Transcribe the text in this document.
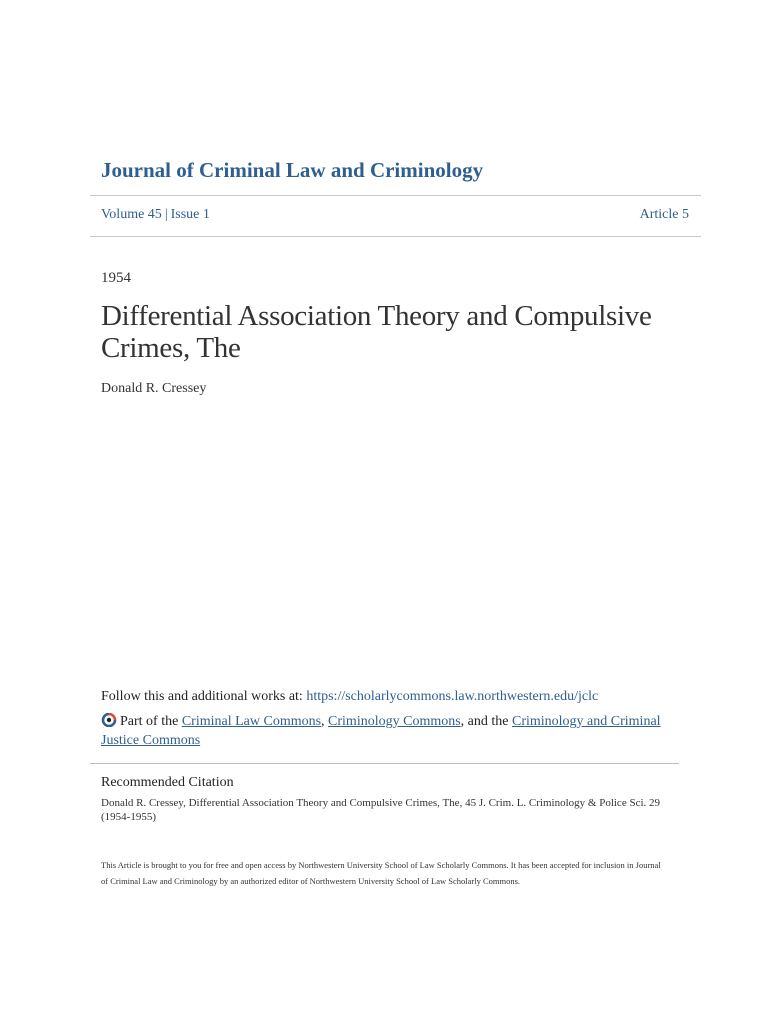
Journal of Criminal Law and Criminology
Volume 45 | Issue 1	Article 5
1954
Differential Association Theory and Compulsive Crimes, The
Donald R. Cressey
Follow this and additional works at: https://scholarlycommons.law.northwestern.edu/jclc
Part of the Criminal Law Commons, Criminology Commons, and the Criminology and Criminal Justice Commons
Recommended Citation
Donald R. Cressey, Differential Association Theory and Compulsive Crimes, The, 45 J. Crim. L. Criminology & Police Sci. 29 (1954-1955)
This Article is brought to you for free and open access by Northwestern University School of Law Scholarly Commons. It has been accepted for inclusion in Journal of Criminal Law and Criminology by an authorized editor of Northwestern University School of Law Scholarly Commons.
